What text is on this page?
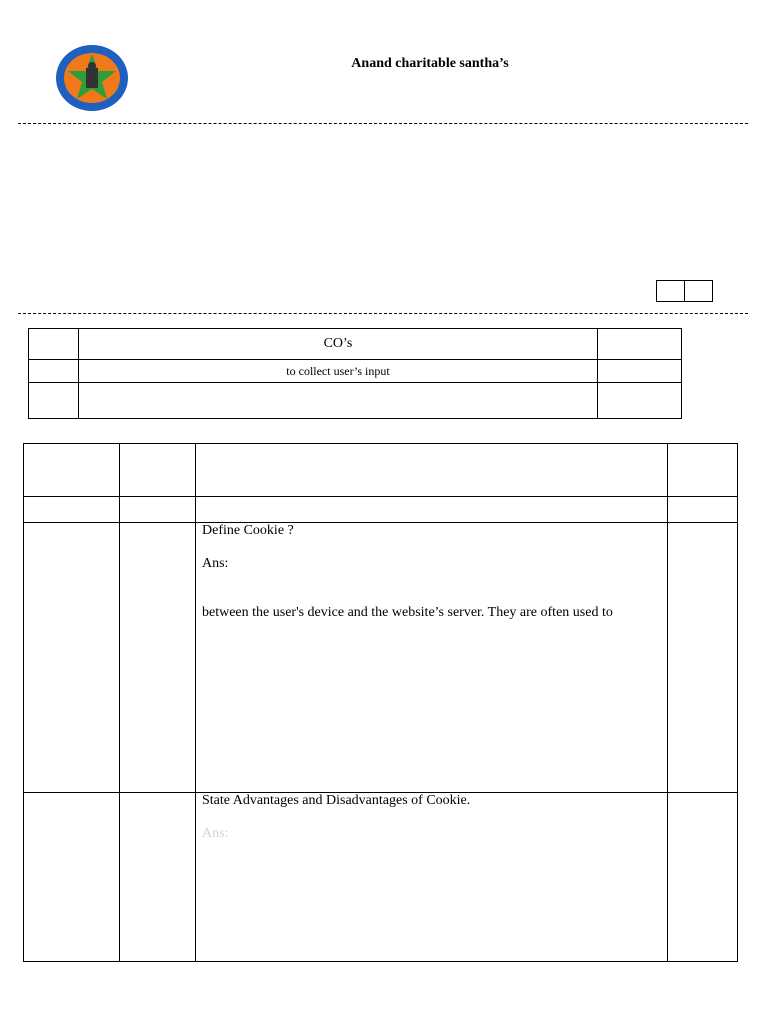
Anand charitable santha’s
	CO’s	
	to collect user’s input	

		Define Cookie ?

Ans:

between the user's device and the website’s server. They are often used to	

		State Advantages and Disadvantages of Cookie.

Ans:	
